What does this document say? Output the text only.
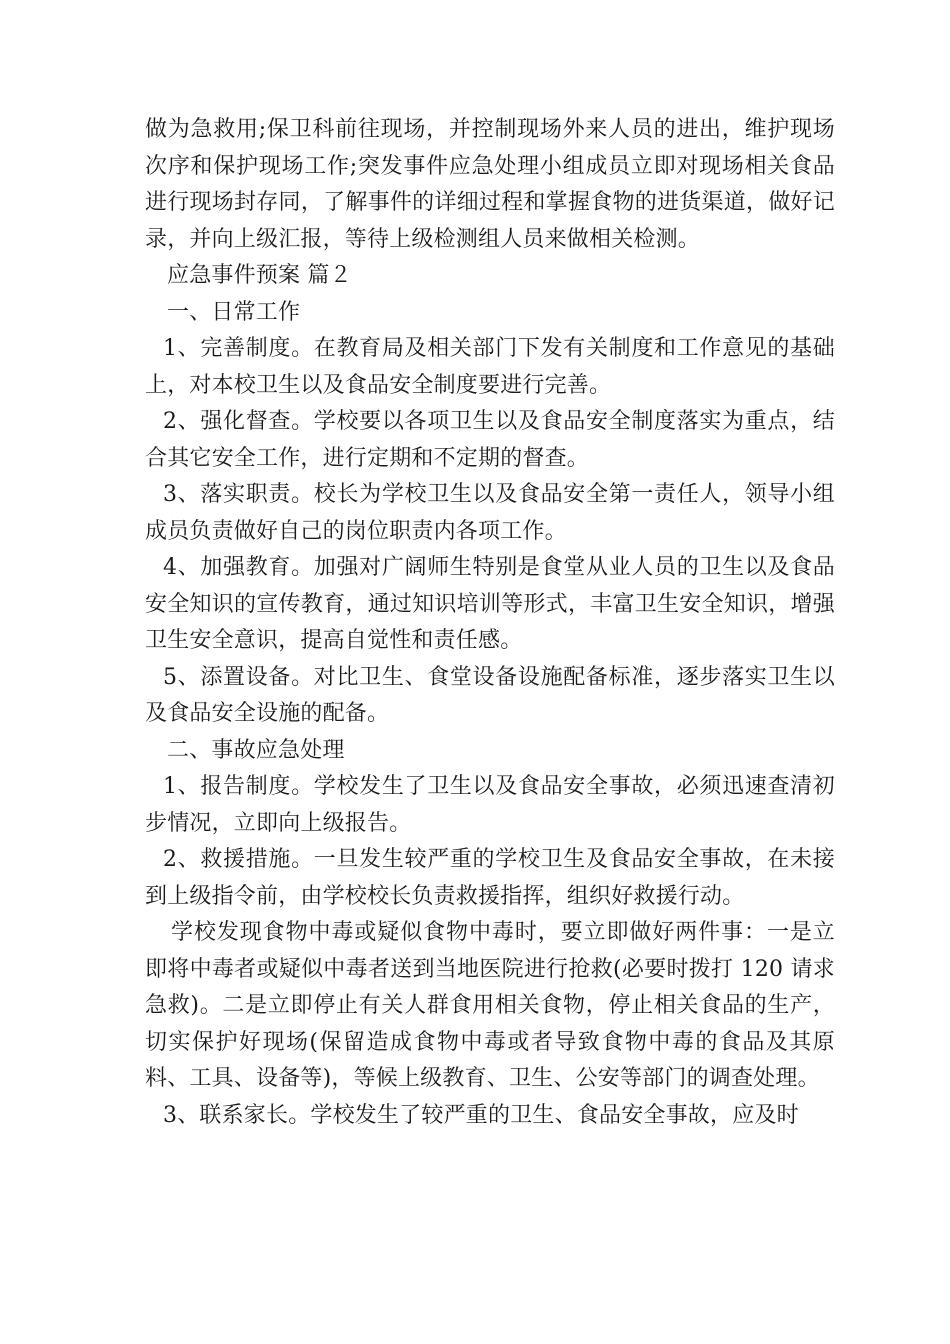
做为急救用;保卫科前往现场，并控制现场外来人员的进出，维护现场次序和保护现场工作;突发事件应急处理小组成员立即对现场相关食品进行现场封存同，了解事件的详细过程和掌握食物的进货渠道，做好记录，并向上级汇报，等待上级检测组人员来做相关检测。

应急事件预案 篇２

一、日常工作

1、完善制度。在教育局及相关部门下发有关制度和工作意见的基础上，对本校卫生以及食品安全制度要进行完善。

2、强化督查。学校要以各项卫生以及食品安全制度落实为重点，结合其它安全工作，进行定期和不定期的督查。

3、落实职责。校长为学校卫生以及食品安全第一责任人，领导小组成员负责做好自己的岗位职责内各项工作。

4、加强教育。加强对广阔师生特别是食堂从业人员的卫生以及食品安全知识的宣传教育，通过知识培训等形式，丰富卫生安全知识，增强卫生安全意识，提高自觉性和责任感。

5、添置设备。对比卫生、食堂设备设施配备标准，逐步落实卫生以及食品安全设施的配备。

二、事故应急处理

1、报告制度。学校发生了卫生以及食品安全事故，必须迅速查清初步情况，立即向上级报告。

2、救援措施。一旦发生较严重的学校卫生及食品安全事故，在未接到上级指令前，由学校校长负责救援指挥，组织好救援行动。

学校发现食物中毒或疑似食物中毒时，要立即做好两件事：一是立即将中毒者或疑似中毒者送到当地医院进行抢救(必要时拨打 120 请求急救)。二是立即停止有关人群食用相关食物，停止相关食品的生产，切实保护好现场(保留造成食物中毒或者导致食物中毒的食品及其原料、工具、设备等)，等候上级教育、卫生、公安等部门的调查处理。

3、联系家长。学校发生了较严重的卫生、食品安全事故，应及时
